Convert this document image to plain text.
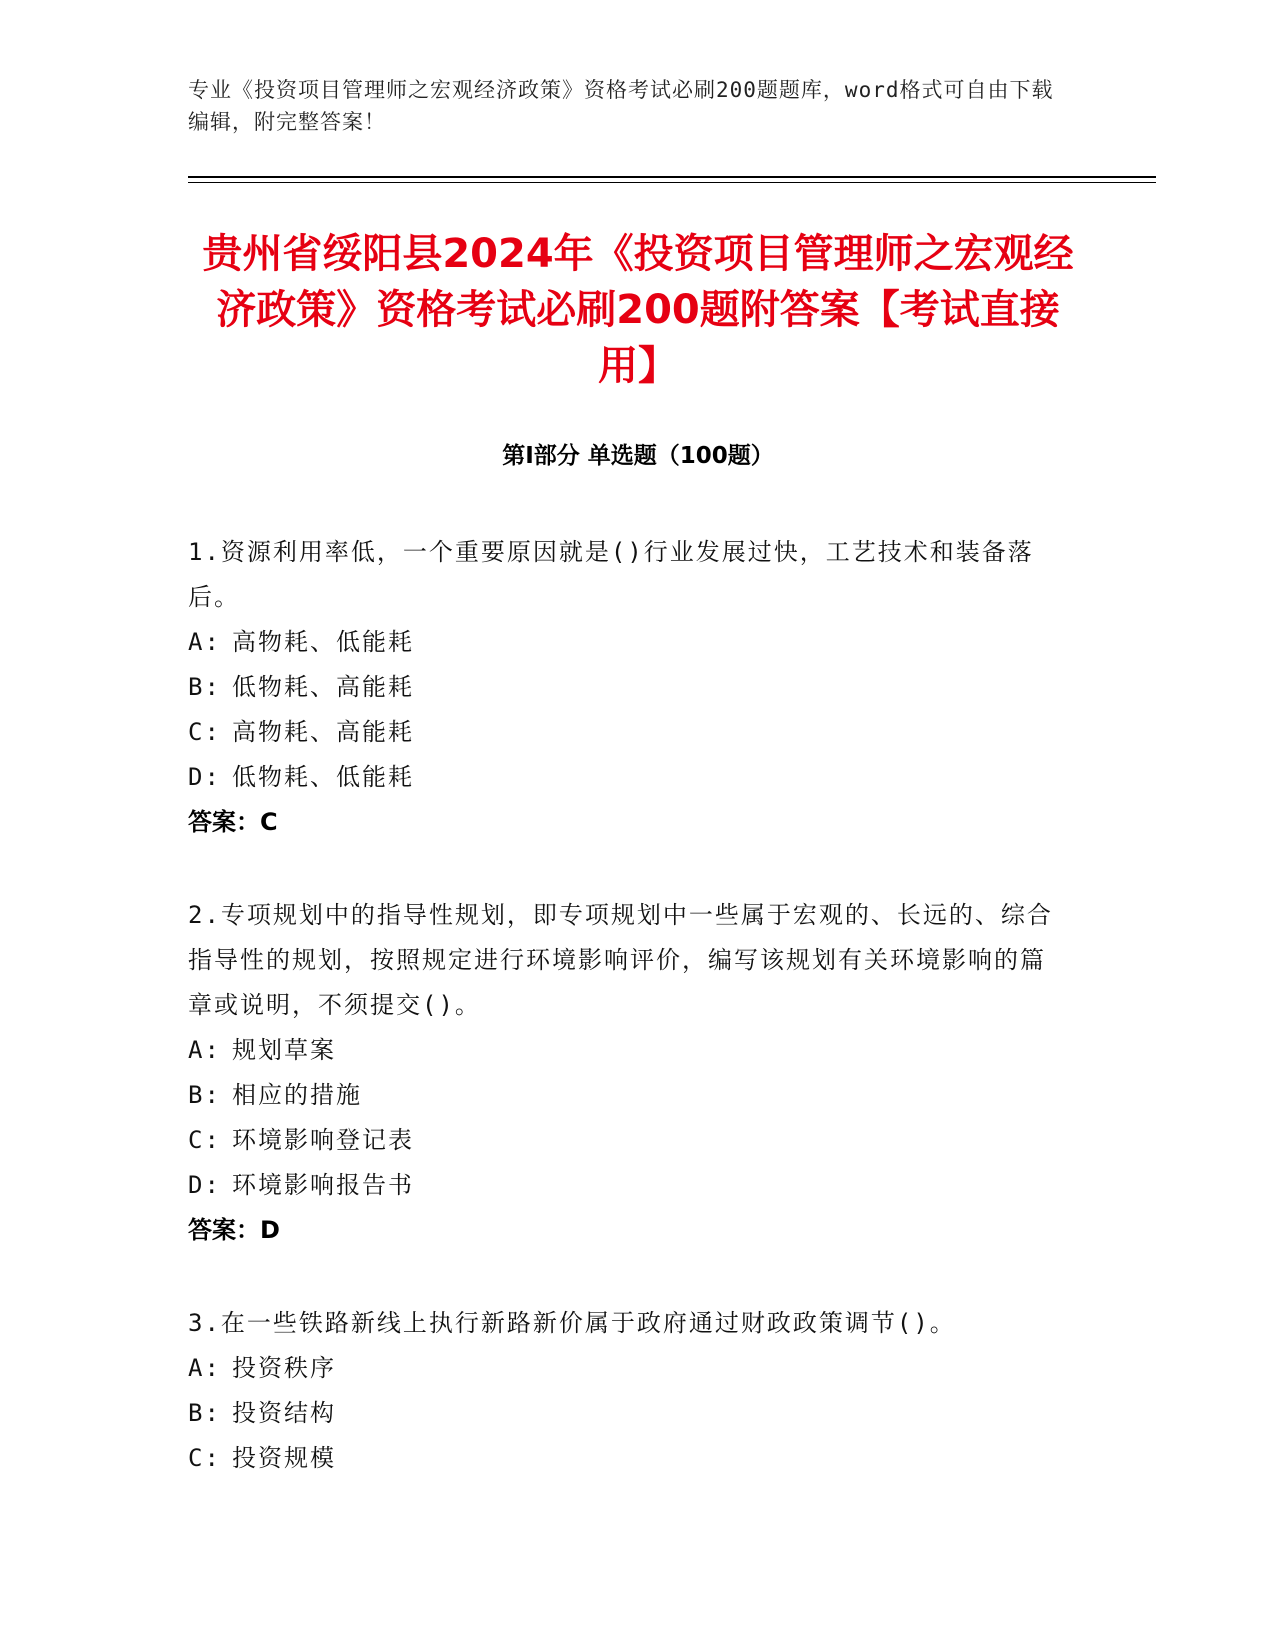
专业《投资项目管理师之宏观经济政策》资格考试必刷200题题库，word格式可自由下载编辑，附完整答案！
贵州省绥阳县2024年《投资项目管理师之宏观经济政策》资格考试必刷200题附答案【考试直接用】
第Ⅰ部分 单选题（100题）
1.资源利用率低，一个重要原因就是()行业发展过快，工艺技术和装备落后。
A: 高物耗、低能耗
B: 低物耗、高能耗
C: 高物耗、高能耗
D: 低物耗、低能耗
答案：C
2.专项规划中的指导性规划，即专项规划中一些属于宏观的、长远的、综合指导性的规划，按照规定进行环境影响评价，编写该规划有关环境影响的篇章或说明，不须提交()。
A: 规划草案
B: 相应的措施
C: 环境影响登记表
D: 环境影响报告书
答案：D
3.在一些铁路新线上执行新路新价属于政府通过财政政策调节()。
A: 投资秩序
B: 投资结构
C: 投资规模
